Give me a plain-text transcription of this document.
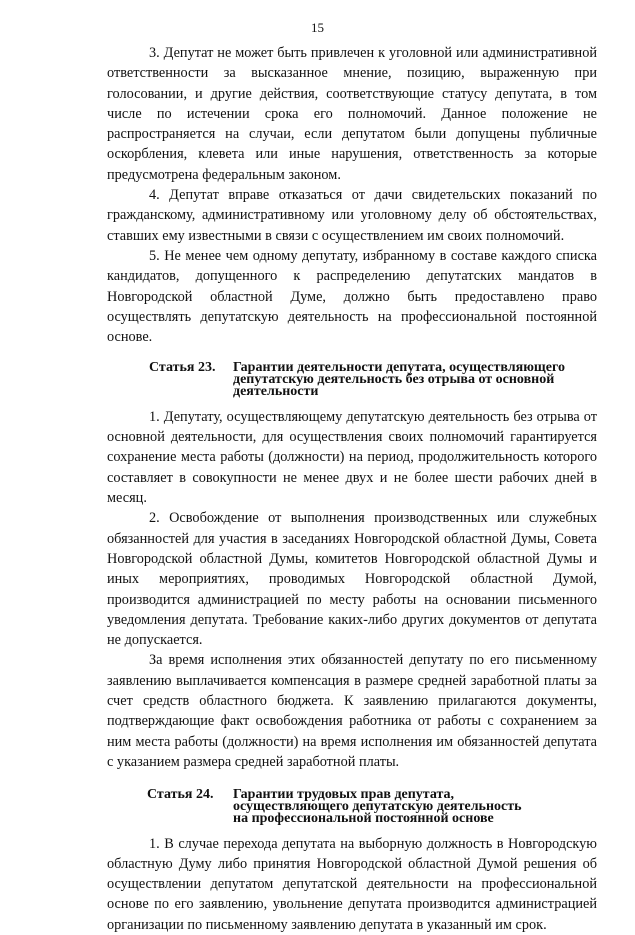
15

3. Депутат не может быть привлечен к уголовной или административной ответственности за высказанное мнение, позицию, выраженную при голосовании, и другие действия, соответствующие статусу депутата, в том числе по истечении срока его полномочий. Данное положение не распространяется на случаи, если депутатом были допущены публичные оскорбления, клевета или иные нарушения, ответственность за которые предусмотрена федеральным законом.

4. Депутат вправе отказаться от дачи свидетельских показаний по гражданскому, административному или уголовному делу об обстоятельствах, ставших ему известными в связи с осуществлением им своих полномочий.

5. Не менее чем одному депутату, избранному в составе каждого списка кандидатов, допущенного к распределению депутатских мандатов в Новгородской областной Думе, должно быть предоставлено право осуществлять депутатскую деятельность на профессиональной постоянной основе.

Статья 23.	Гарантии деятельности депутата, осуществляющего
депутатскую деятельность без отрыва от основной
деятельности

1. Депутату, осуществляющему депутатскую деятельность без отрыва от основной деятельности, для осуществления своих полномочий гарантируется сохранение места работы (должности) на период, продолжительность которого составляет в совокупности не менее двух и не более шести рабочих дней в месяц.

2. Освобождение от выполнения производственных или служебных обязанностей для участия в заседаниях Новгородской областной Думы, Совета Новгородской областной Думы, комитетов Новгородской областной Думы и иных мероприятиях, проводимых Новгородской областной Думой, производится администрацией по месту работы на основании письменного уведомления депутата. Требование каких-либо других документов от депутата не допускается.

За время исполнения этих обязанностей депутату по его письменному заявлению выплачивается компенсация в размере средней заработной платы за счет средств областного бюджета. К заявлению прилагаются документы, подтверждающие факт освобождения работника от работы с сохранением за ним места работы (должности) на время исполнения им обязанностей депутата с указанием размера средней заработной платы.

Статья 24.	Гарантии трудовых прав депутата,
осуществляющего депутатскую деятельность
на профессиональной постоянной основе

1. В случае перехода депутата на выборную должность в Новгородскую областную Думу либо принятия Новгородской областной Думой решения об осуществлении депутатом депутатской деятельности на профессиональной основе по его заявлению, увольнение депутата производится администрацией организации по письменному заявлению депутата в указанный им срок.
